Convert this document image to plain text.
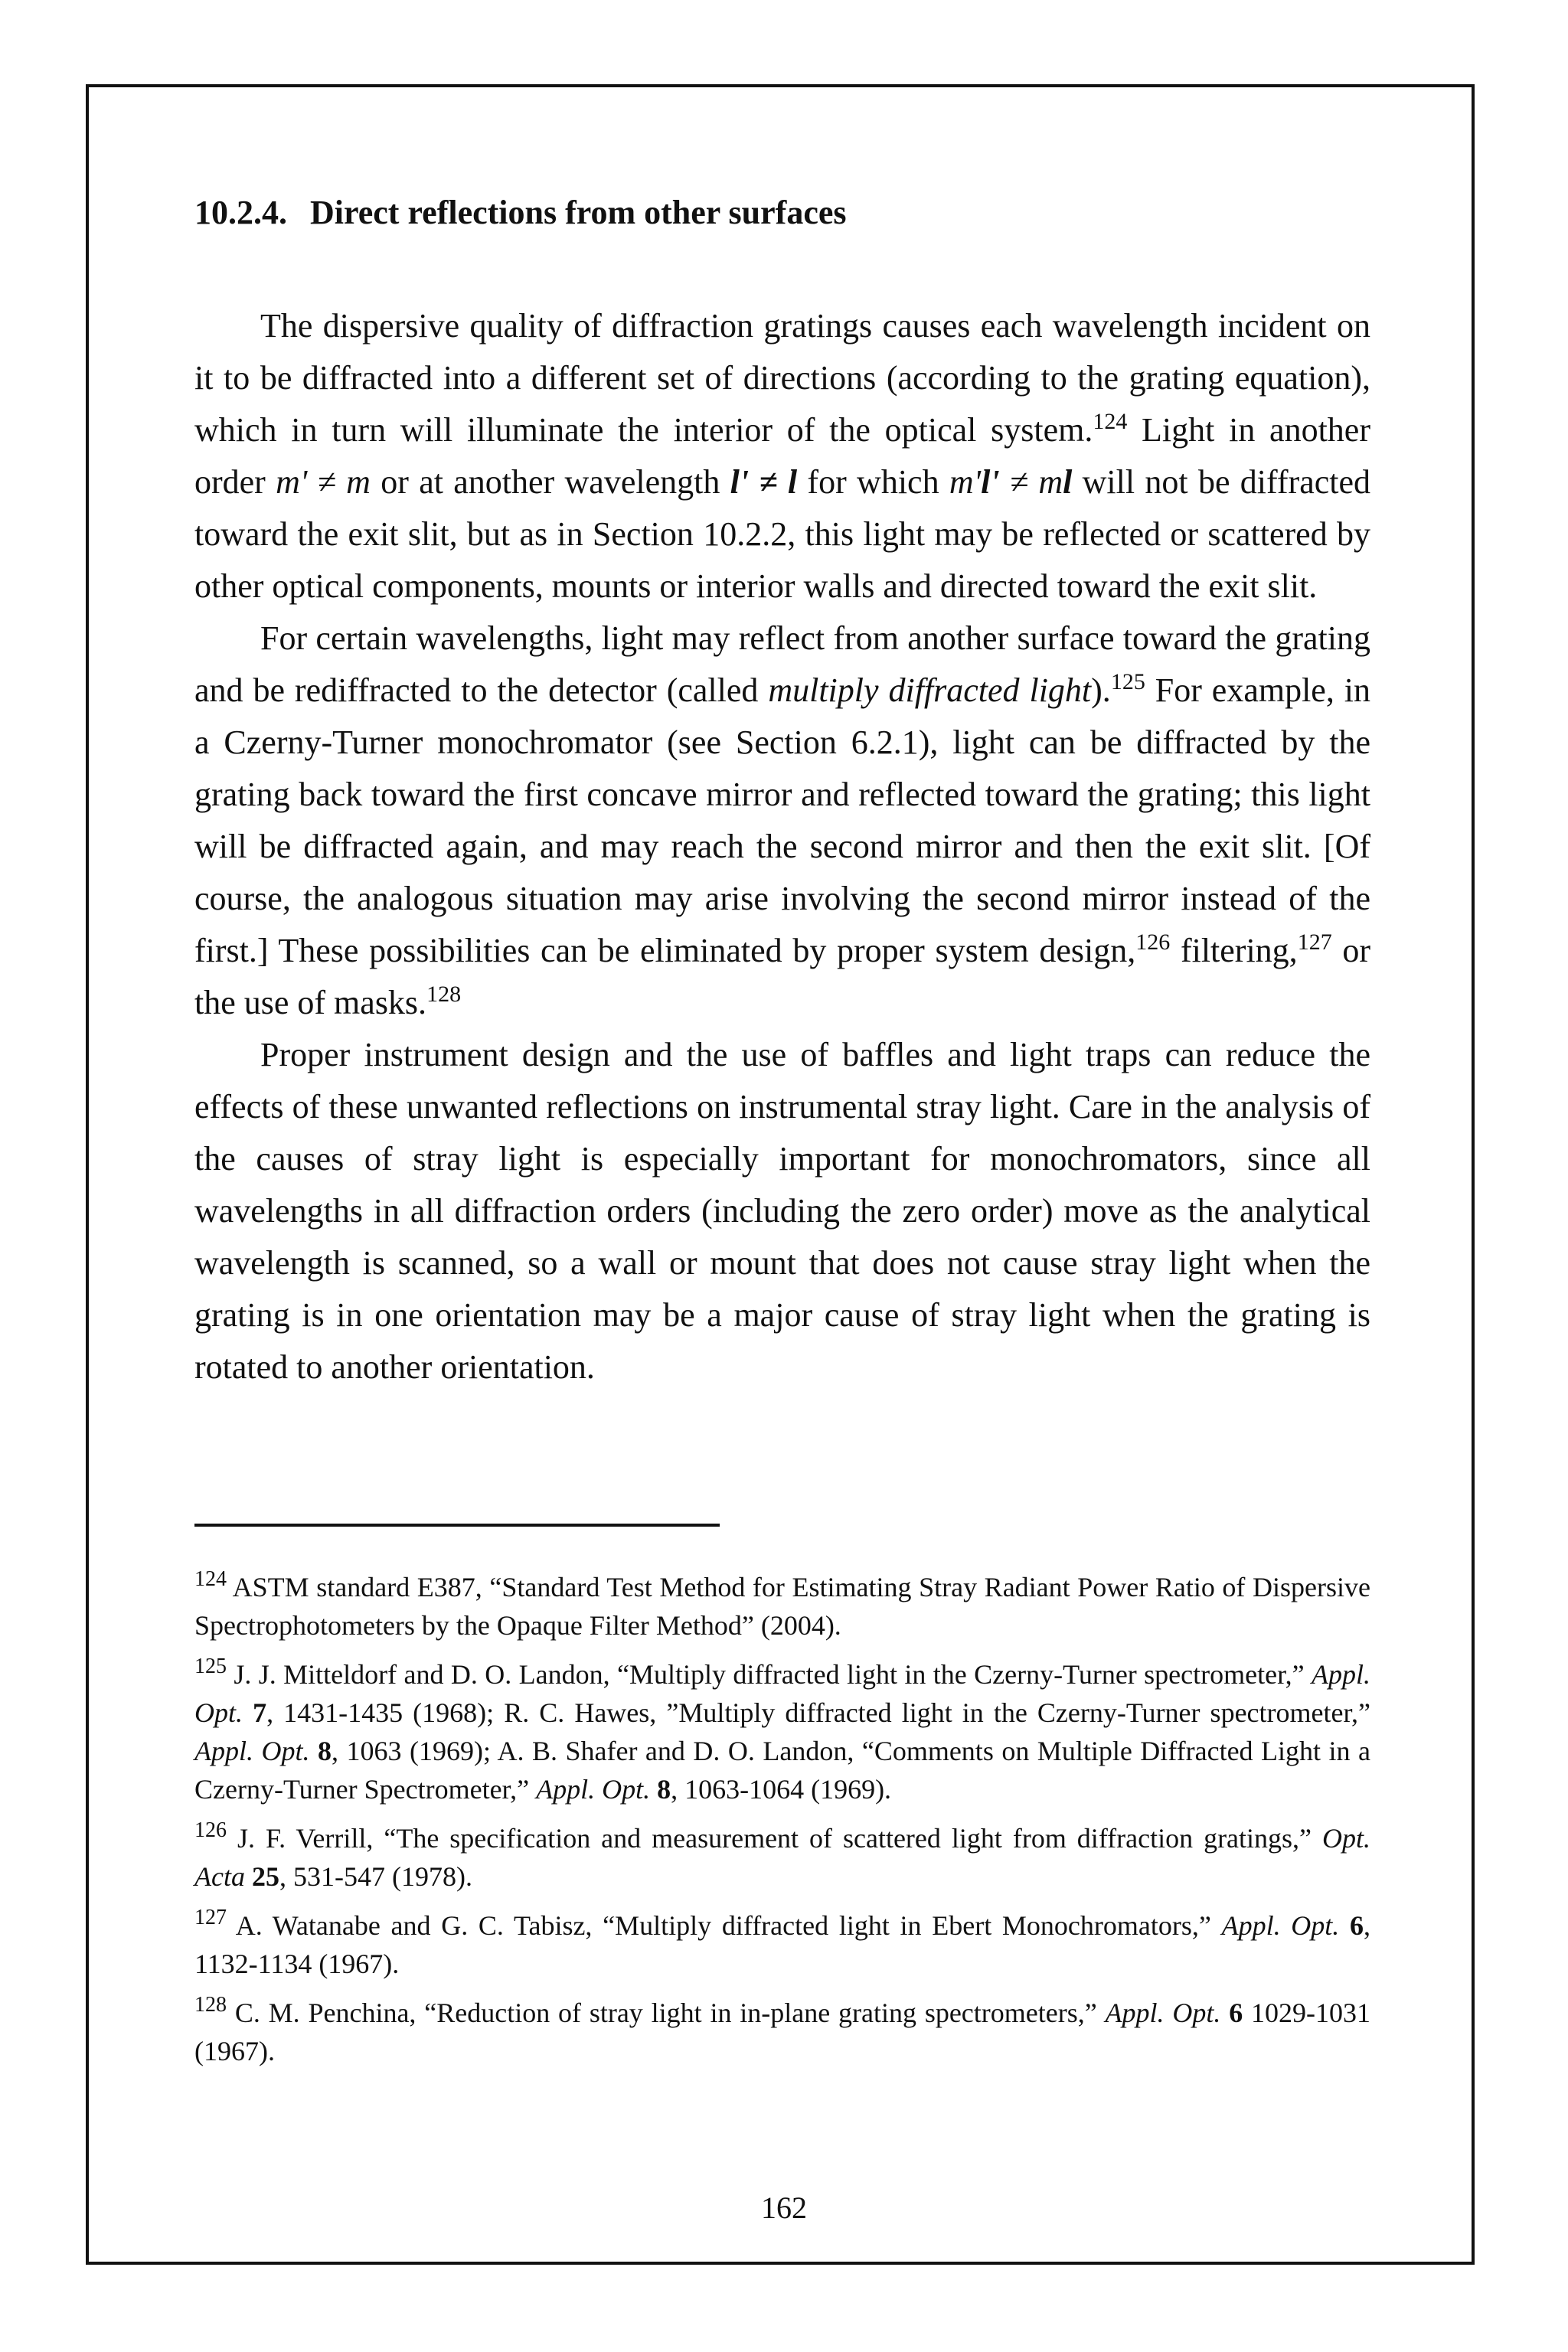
10.2.4. Direct reflections from other surfaces

The dispersive quality of diffraction gratings causes each wavelength incident on it to be diffracted into a different set of directions (according to the grating equation), which in turn will illuminate the interior of the optical system.$^{124}$ Light in another order m' ≠ m or at another wavelength l' ≠ l for which m'l' ≠ ml will not be diffracted toward the exit slit, but as in Section 10.2.2, this light may be reflected or scattered by other optical components, mounts or interior walls and directed toward the exit slit.

For certain wavelengths, light may reflect from another surface toward the grating and be rediffracted to the detector (called multiply diffracted light).$^{125}$ For example, in a Czerny-Turner monochromator (see Section 6.2.1), light can be diffracted by the grating back toward the first concave mirror and reflected toward the grating; this light will be diffracted again, and may reach the second mirror and then the exit slit. [Of course, the analogous situation may arise involving the second mirror instead of the first.] These possibilities can be eliminated by proper system design,$^{126}$ filtering,$^{127}$ or the use of masks.$^{128}$

Proper instrument design and the use of baffles and light traps can reduce the effects of these unwanted reflections on instrumental stray light. Care in the analysis of the causes of stray light is especially important for monochromators, since all wavelengths in all diffraction orders (including the zero order) move as the analytical wavelength is scanned, so a wall or mount that does not cause stray light when the grating is in one orientation may be a major cause of stray light when the grating is rotated to another orientation.

$^{124}$ ASTM standard E387, “Standard Test Method for Estimating Stray Radiant Power Ratio of Dispersive Spectrophotometers by the Opaque Filter Method” (2004).
$^{125}$ J. J. Mitteldorf and D. O. Landon, “Multiply diffracted light in the Czerny-Turner spectrometer,” Appl. Opt. 7, 1431-1435 (1968); R. C. Hawes, ”Multiply diffracted light in the Czerny-Turner spectrometer,” Appl. Opt. 8, 1063 (1969); A. B. Shafer and D. O. Landon, “Comments on Multiple Diffracted Light in a Czerny-Turner Spectrometer,” Appl. Opt. 8, 1063-1064 (1969).
$^{126}$ J. F. Verrill, “The specification and measurement of scattered light from diffraction gratings,” Opt. Acta 25, 531-547 (1978).
$^{127}$ A. Watanabe and G. C. Tabisz, “Multiply diffracted light in Ebert Monochromators,” Appl. Opt. 6, 1132-1134 (1967).
$^{128}$ C. M. Penchina, “Reduction of stray light in in-plane grating spectrometers,” Appl. Opt. 6 1029-1031 (1967).
162
